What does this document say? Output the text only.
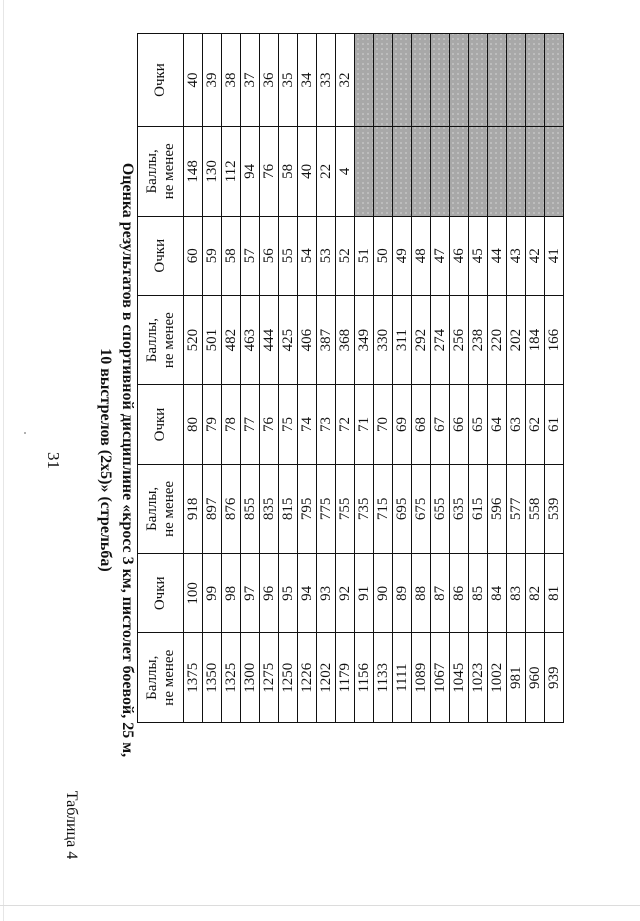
31
Таблица 4
Оценка результатов в спортивной дисциплине «кросс 3 км, пистолет боевой, 25 м,
10 выстрелов (2х5)» (стрельба)
Баллы,
не менее	Очки	Баллы,
не менее	Очки	Баллы,
не менее	Очки	Баллы,
не менее	Очки
1375	100	918	80	520	60	148	40
1350	99	897	79	501	59	130	39
1325	98	876	78	482	58	112	38
1300	97	855	77	463	57	94	37
1275	96	835	76	444	56	76	36
1250	95	815	75	425	55	58	35
1226	94	795	74	406	54	40	34
1202	93	775	73	387	53	22	33
1179	92	755	72	368	52	4	32
1156	91	735	71	349	51		
1133	90	715	70	330	50		
1111	89	695	69	311	49		
1089	88	675	68	292	48		
1067	87	655	67	274	47		
1045	86	635	66	256	46		
1023	85	615	65	238	45		
1002	84	596	64	220	44		
981	83	577	63	202	43		
960	82	558	62	184	42		
939	81	539	61	166	41		
